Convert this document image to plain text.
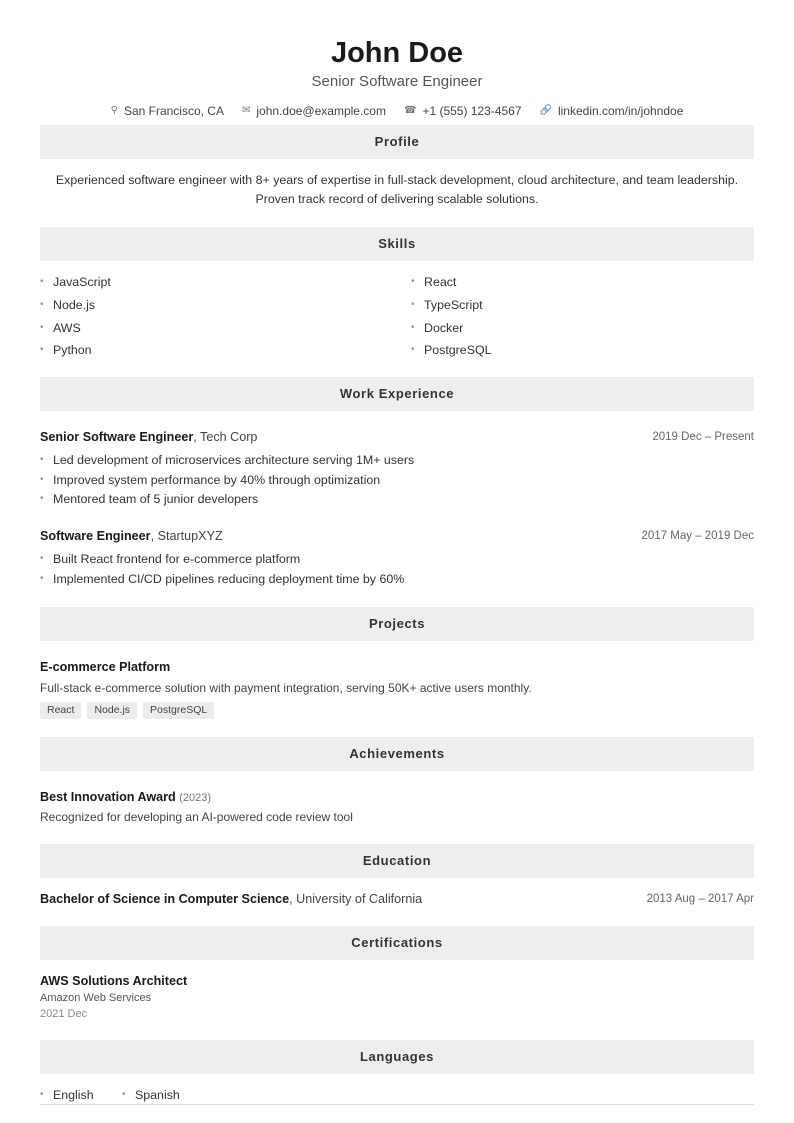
John Doe
Senior Software Engineer
⚲ San Francisco, CA ✉ john.doe@example.com ☎ +1 (555) 123-4567 🔗 linkedin.com/in/johndoe
Profile
Experienced software engineer with 8+ years of expertise in full-stack development, cloud architecture, and team leadership. Proven track record of delivering scalable solutions.
Skills
• JavaScript	• React
• Node.js	• TypeScript
• AWS	• Docker
• Python	• PostgreSQL
Work Experience
Senior Software Engineer, Tech Corp	2019 Dec – Present
• Led development of microservices architecture serving 1M+ users
• Improved system performance by 40% through optimization
• Mentored team of 5 junior developers
Software Engineer, StartupXYZ	2017 May – 2019 Dec
• Built React frontend for e-commerce platform
• Implemented CI/CD pipelines reducing deployment time by 60%
Projects
E-commerce Platform
Full-stack e-commerce solution with payment integration, serving 50K+ active users monthly.
React	Node.js	PostgreSQL
Achievements
Best Innovation Award (2023)
Recognized for developing an AI-powered code review tool
Education
Bachelor of Science in Computer Science, University of California	2013 Aug – 2017 Apr
Certifications
AWS Solutions Architect
Amazon Web Services
2021 Dec
Languages
• English	• Spanish
